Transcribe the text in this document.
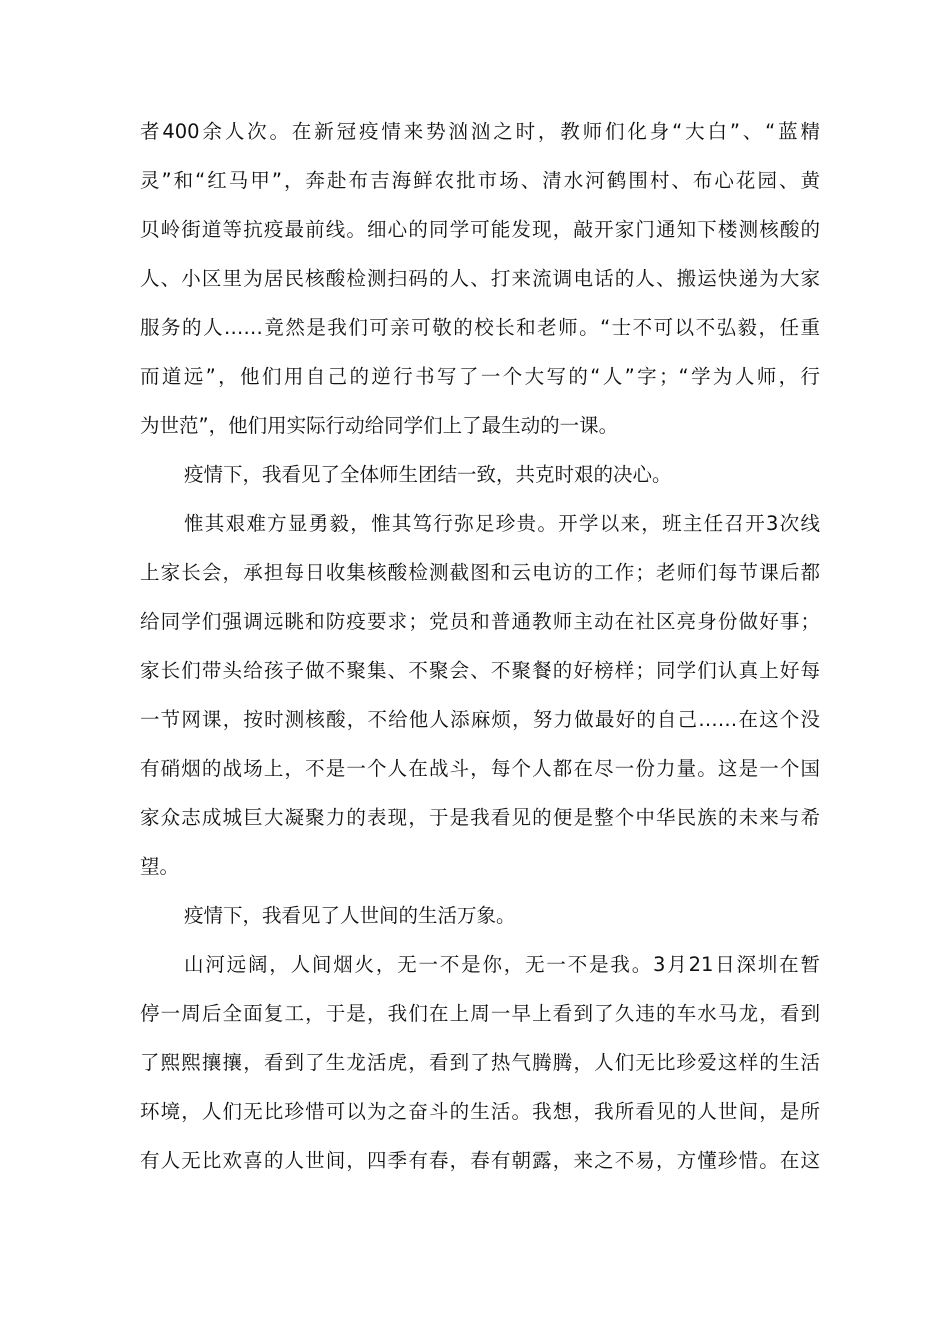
者400余人次。在新冠疫情来势汹汹之时，教师们化身“大白”、“蓝精
灵”和“红马甲”，奔赴布吉海鲜农批市场、清水河鹤围村、布心花园、黄
贝岭街道等抗疫最前线。细心的同学可能发现，敲开家门通知下楼测核酸的
人、小区里为居民核酸检测扫码的人、打来流调电话的人、搬运快递为大家
服务的人……竟然是我们可亲可敬的校长和老师。“士不可以不弘毅，任重
而道远”，他们用自己的逆行书写了一个大写的“人”字；“学为人师，行
为世范”，他们用实际行动给同学们上了最生动的一课。
疫情下，我看见了全体师生团结一致，共克时艰的决心。
惟其艰难方显勇毅，惟其笃行弥足珍贵。开学以来，班主任召开3次线
上家长会，承担每日收集核酸检测截图和云电访的工作；老师们每节课后都
给同学们强调远眺和防疫要求；党员和普通教师主动在社区亮身份做好事；
家长们带头给孩子做不聚集、不聚会、不聚餐的好榜样；同学们认真上好每
一节网课，按时测核酸，不给他人添麻烦，努力做最好的自己……在这个没
有硝烟的战场上，不是一个人在战斗，每个人都在尽一份力量。这是一个国
家众志成城巨大凝聚力的表现，于是我看见的便是整个中华民族的未来与希
望。
疫情下，我看见了人世间的生活万象。
山河远阔，人间烟火，无一不是你，无一不是我。3月21日深圳在暂
停一周后全面复工，于是，我们在上周一早上看到了久违的车水马龙，看到
了熙熙攘攘，看到了生龙活虎，看到了热气腾腾，人们无比珍爱这样的生活
环境，人们无比珍惜可以为之奋斗的生活。我想，我所看见的人世间，是所
有人无比欢喜的人世间，四季有春，春有朝露，来之不易，方懂珍惜。在这
